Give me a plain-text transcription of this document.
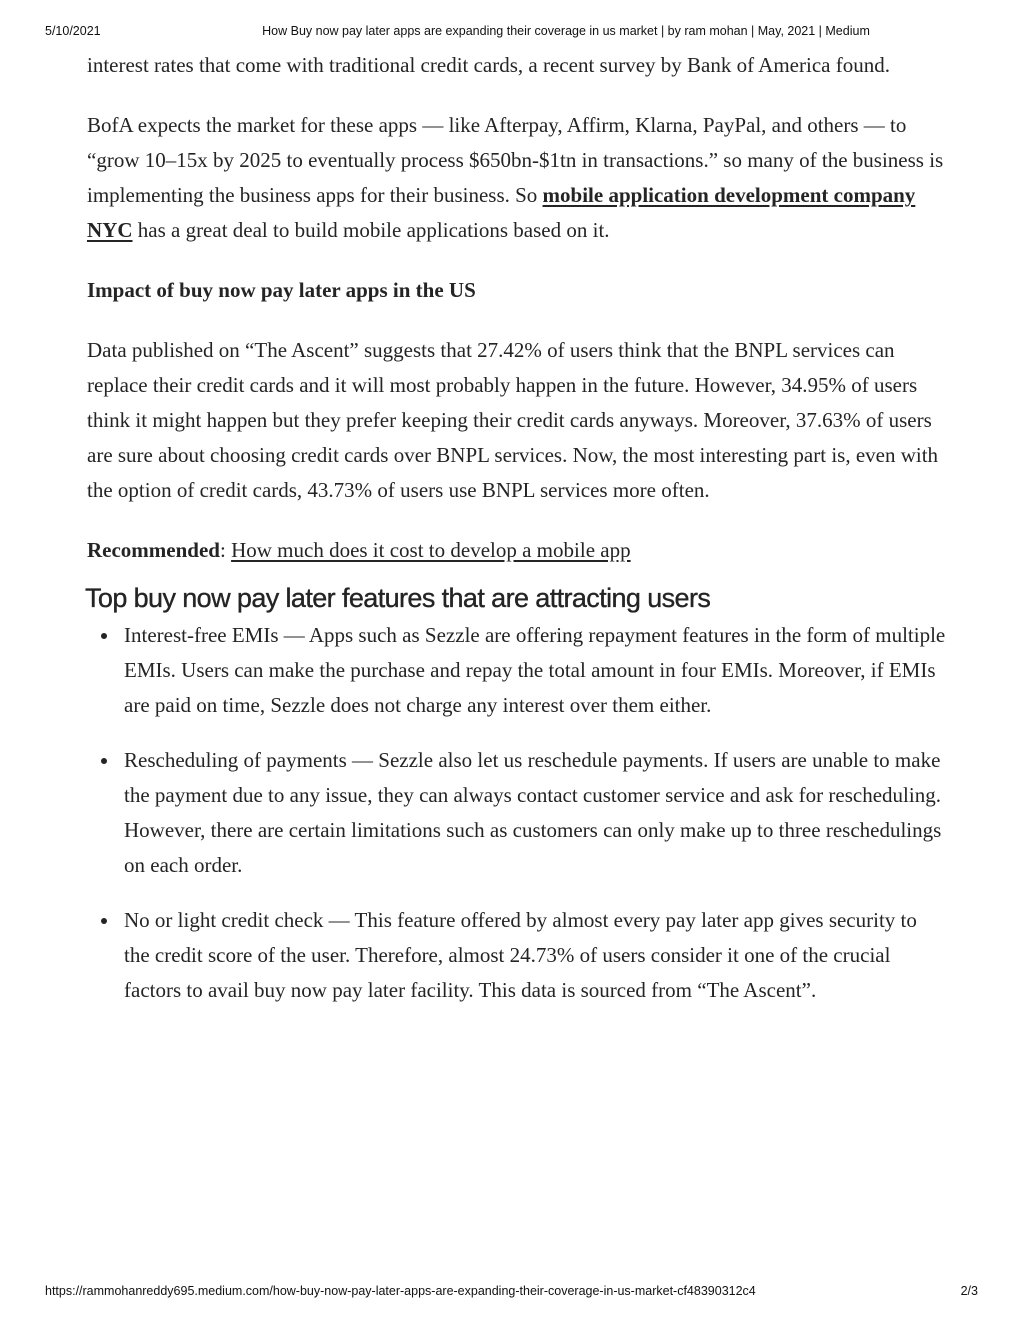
5/10/2021	How Buy now pay later apps are expanding their coverage in us market | by ram mohan | May, 2021 | Medium

interest rates that come with traditional credit cards, a recent survey by Bank of America found.

BofA expects the market for these apps — like Afterpay, Affirm, Klarna, PayPal, and others — to “grow 10–15x by 2025 to eventually process $650bn-$1tn in transactions.” so many of the business is implementing the business apps for their business. So mobile application development company NYC has a great deal to build mobile applications based on it.

Impact of buy now pay later apps in the US

Data published on “The Ascent” suggests that 27.42% of users think that the BNPL services can replace their credit cards and it will most probably happen in the future. However, 34.95% of users think it might happen but they prefer keeping their credit cards anyways. Moreover, 37.63% of users are sure about choosing credit cards over BNPL services. Now, the most interesting part is, even with the option of credit cards, 43.73% of users use BNPL services more often.

Recommended: How much does it cost to develop a mobile app

Top buy now pay later features that are attracting users
Interest-free EMIs — Apps such as Sezzle are offering repayment features in the form of multiple EMIs. Users can make the purchase and repay the total amount in four EMIs. Moreover, if EMIs are paid on time, Sezzle does not charge any interest over them either.
Rescheduling of payments — Sezzle also let us reschedule payments. If users are unable to make the payment due to any issue, they can always contact customer service and ask for rescheduling. However, there are certain limitations such as customers can only make up to three reschedulings on each order.
No or light credit check — This feature offered by almost every pay later app gives security to the credit score of the user. Therefore, almost 24.73% of users consider it one of the crucial factors to avail buy now pay later facility. This data is sourced from “The Ascent”.
https://rammohanreddy695.medium.com/how-buy-now-pay-later-apps-are-expanding-their-coverage-in-us-market-cf48390312c4	2/3
